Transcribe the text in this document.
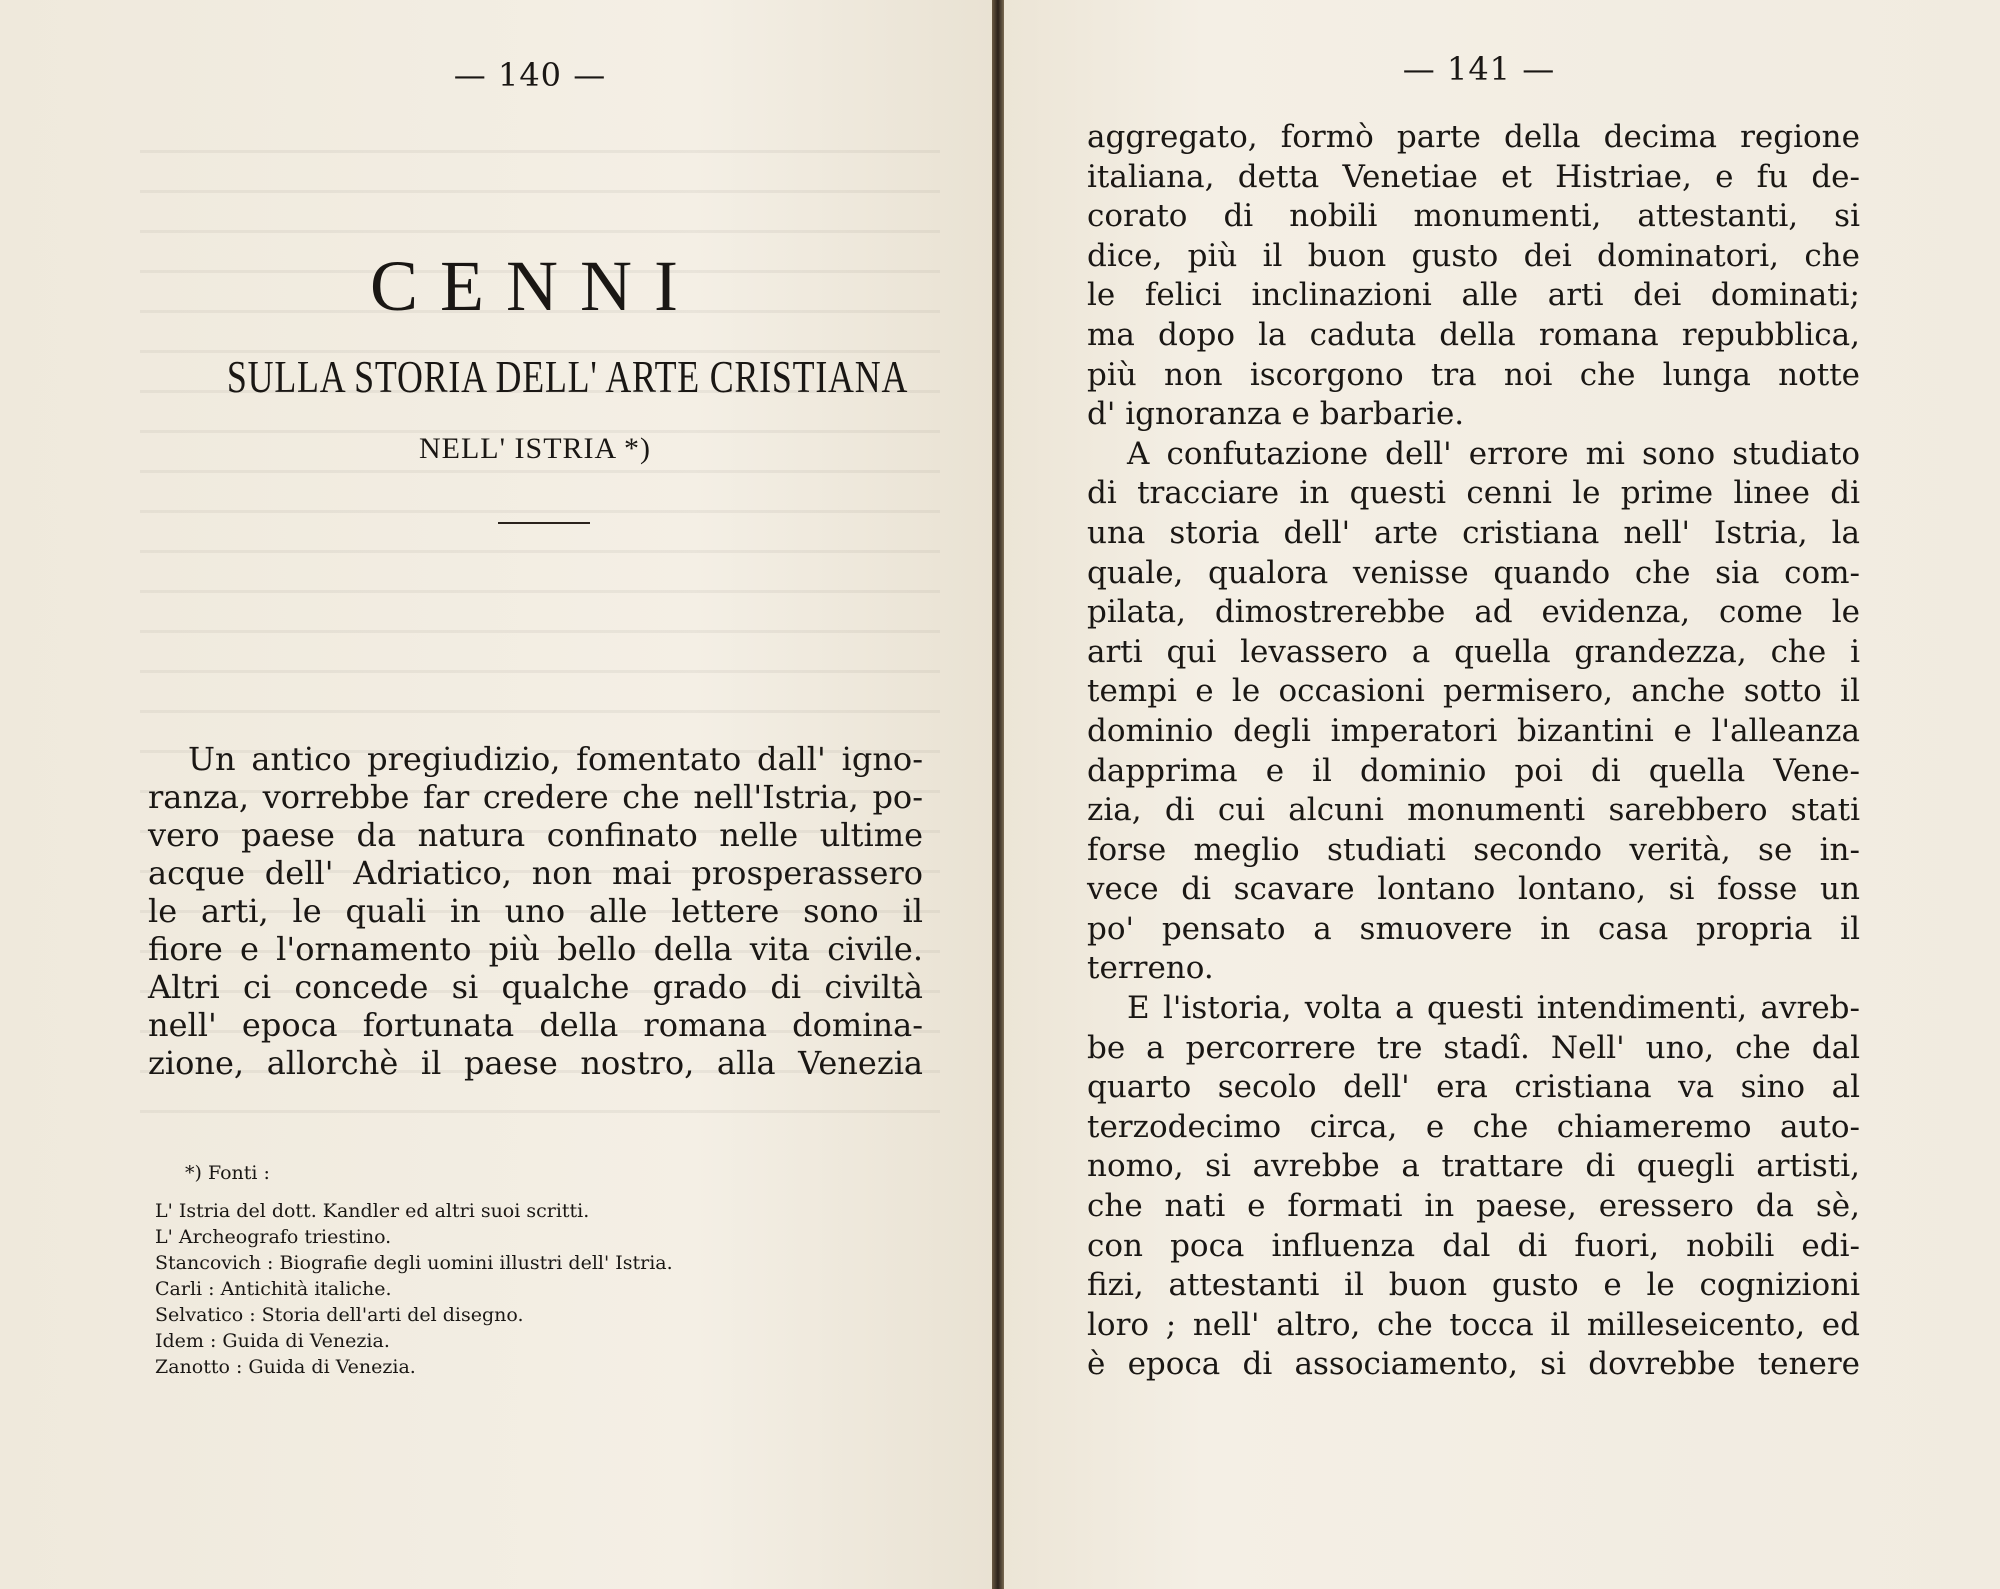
— 140 —
CENNI
SULLA STORIA DELL' ARTE CRISTIANA
NELL' ISTRIA *)
Un antico pregiudizio, fomentato dall' igno-
ranza, vorrebbe far credere che nell'Istria, po-
vero paese da natura confinato nelle ultime
acque dell' Adriatico, non mai prosperassero
le arti, le quali in uno alle lettere sono il
fiore e l'ornamento più bello della vita civile.
Altri ci concede si qualche grado di civiltà
nell' epoca fortunata della romana domina-
zione, allorchè il paese nostro, alla Venezia
*) Fonti :
L' Istria del dott. Kandler ed altri suoi scritti.
L' Archeografo triestino.
Stancovich : Biografie degli uomini illustri dell' Istria.
Carli : Antichità italiche.
Selvatico : Storia dell'arti del disegno.
Idem : Guida di Venezia.
Zanotto : Guida di Venezia.
— 141 —
aggregato, formò parte della decima regione
italiana, detta Venetiae et Histriae, e fu de-
corato di nobili monumenti, attestanti, si
dice, più il buon gusto dei dominatori, che
le felici inclinazioni alle arti dei dominati;
ma dopo la caduta della romana repubblica,
più non iscorgono tra noi che lunga notte
d' ignoranza e barbarie.
A confutazione dell' errore mi sono studiato
di tracciare in questi cenni le prime linee di
una storia dell' arte cristiana nell' Istria, la
quale, qualora venisse quando che sia com-
pilata, dimostrerebbe ad evidenza, come le
arti qui levassero a quella grandezza, che i
tempi e le occasioni permisero, anche sotto il
dominio degli imperatori bizantini e l'alleanza
dapprima e il dominio poi di quella Vene-
zia, di cui alcuni monumenti sarebbero stati
forse meglio studiati secondo verità, se in-
vece di scavare lontano lontano, si fosse un
po' pensato a smuovere in casa propria il
terreno.
E l'istoria, volta a questi intendimenti, avreb-
be a percorrere tre stadî. Nell' uno, che dal
quarto secolo dell' era cristiana va sino al
terzodecimo circa, e che chiameremo auto-
nomo, si avrebbe a trattare di quegli artisti,
che nati e formati in paese, eressero da sè,
con poca influenza dal di fuori, nobili edi-
fizi, attestanti il buon gusto e le cognizioni
loro ; nell' altro, che tocca il milleseicento, ed
è epoca di associamento, si dovrebbe tenere
